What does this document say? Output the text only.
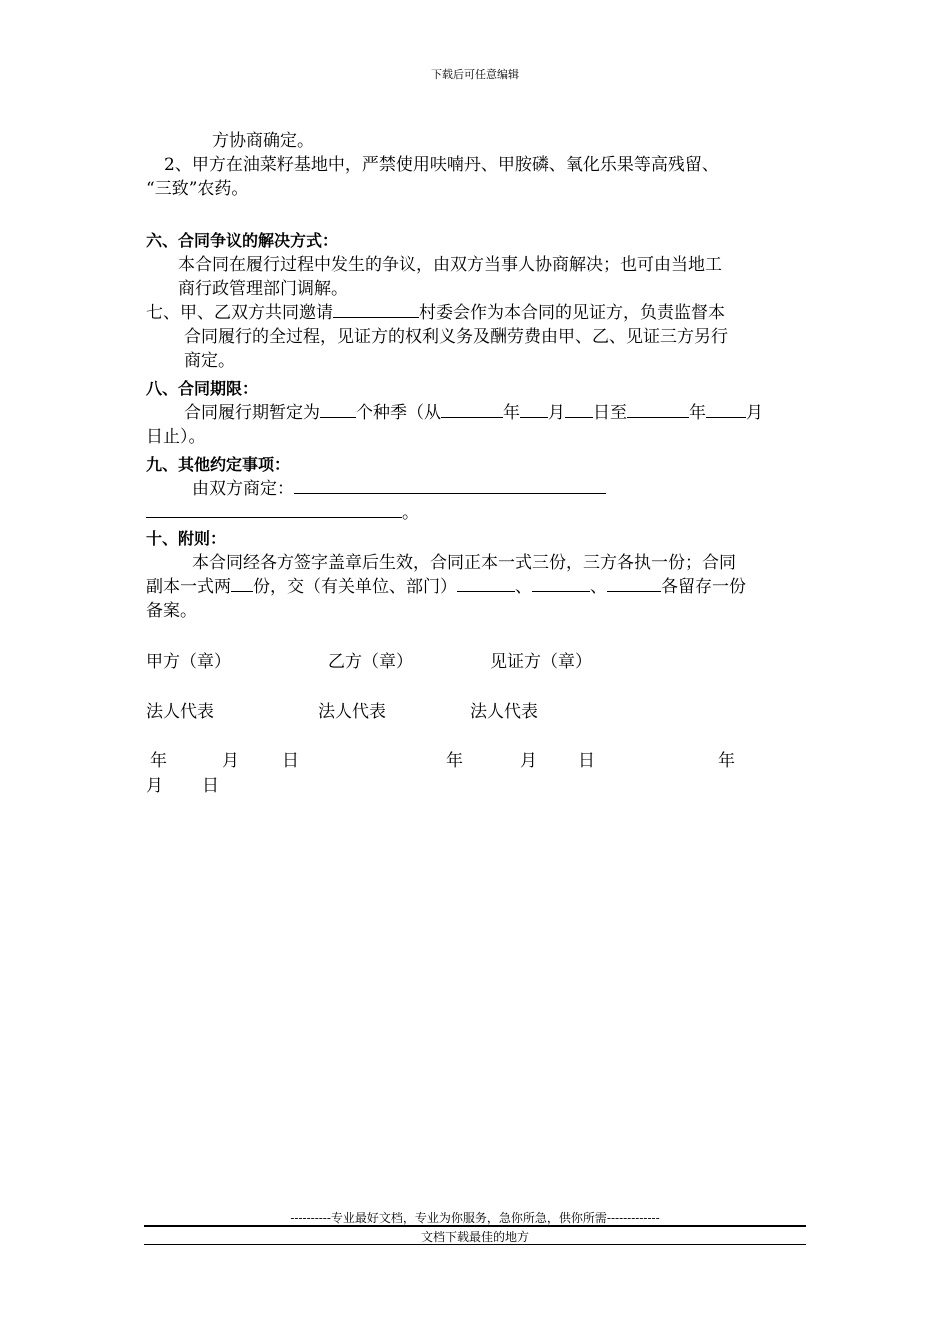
下载后可任意编辑
方协商确定。
2、甲方在油菜籽基地中，严禁使用呋喃丹、甲胺磷、氧化乐果等高残留、
“三致”农药。
六、合同争议的解决方式：
本合同在履行过程中发生的争议，由双方当事人协商解决；也可由当地工
商行政管理部门调解。
七、甲、乙双方共同邀请	村委会作为本合同的见证方，负责监督本
合同履行的全过程，见证方的权利义务及酬劳费由甲、乙、见证三方另行
商定。
八、合同期限：
合同履行期暂定为 个种季（从	年 月 日至	年 月
日止）。
九、其他约定事项：
由双方商定：
。
十、附则：
本合同经各方签字盖章后生效，合同正本一式三份，三方各执一份；合同
副本一式两 份，交（有关单位、部门）	、	、	各留存一份
备案。
甲方（章）	乙方（章）	见证方（章）
法人代表	法人代表	法人代表
年	月	日	年	月 日	年
月 日
----------专业最好文档，专业为你服务，急你所急，供你所需-------------
文档下载最佳的地方
